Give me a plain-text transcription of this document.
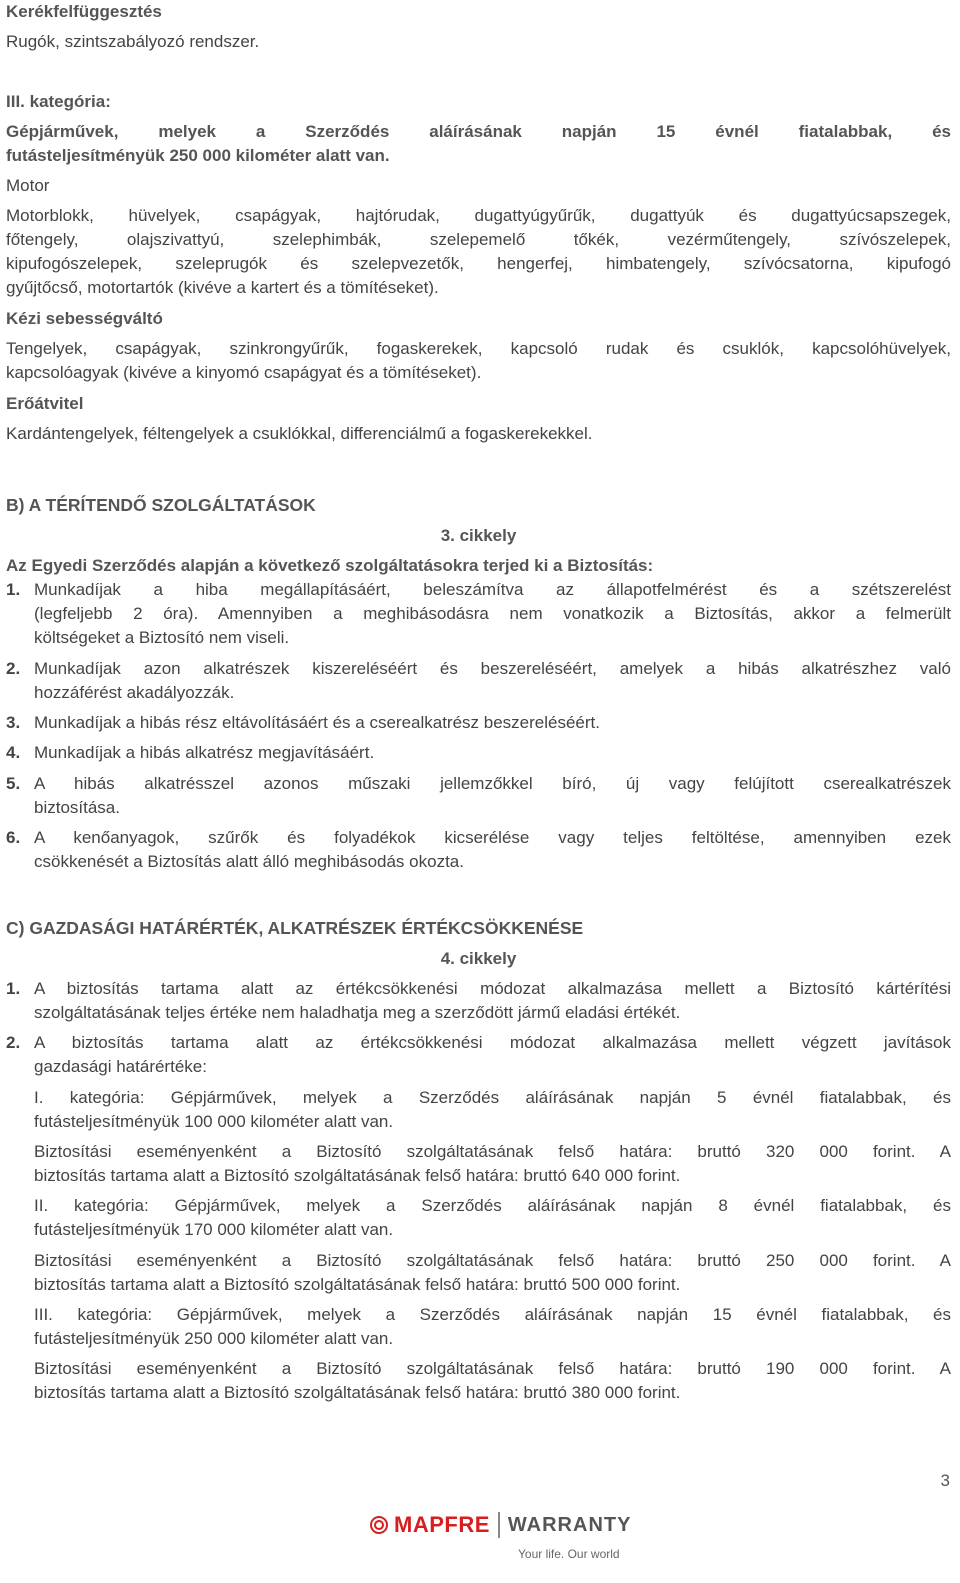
Kerékfelfüggesztés
Rugók, szintszabályozó rendszer.
III. kategória:
Gépjárművek, melyek a Szerződés aláírásának napján 15 évnél fiatalabbak, és
futásteljesítményük 250 000 kilométer alatt van.
Motor
Motorblokk, hüvelyek, csapágyak, hajtórudak, dugattyúgyűrűk, dugattyúk és dugattyúcsapszegek,
főtengely, olajszivattyú, szelephimbák, szelepemelő tőkék, vezérműtengely, szívószelepek,
kipufogószelepek, szeleprugók és szelepvezetők, hengerfej, himbatengely, szívócsatorna, kipufogó
gyűjtőcső, motortartók (kivéve a kartert és a tömítéseket).
Kézi sebességváltó
Tengelyek, csapágyak, szinkrongyűrűk, fogaskerekek, kapcsoló rudak és csuklók, kapcsolóhüvelyek,
kapcsolóagyak (kivéve a kinyomó csapágyat és a tömítéseket).
Erőátvitel
Kardántengelyek, féltengelyek a csuklókkal, differenciálmű a fogaskerekekkel.
B) A TÉRÍTENDŐ SZOLGÁLTATÁSOK
3. cikkely
Az Egyedi Szerződés alapján a következő szolgáltatásokra terjed ki a Biztosítás:
1. Munkadíjak a hiba megállapításáért, beleszámítva az állapotfelmérést és a szétszerelést
(legfeljebb 2 óra). Amennyiben a meghibásodásra nem vonatkozik a Biztosítás, akkor a felmerült
költségeket a Biztosító nem viseli.
2. Munkadíjak azon alkatrészek kiszereléséért és beszereléséért, amelyek a hibás alkatrészhez való
hozzáférést akadályozzák.
3. Munkadíjak a hibás rész eltávolításáért és a cserealkatrész beszereléséért.
4. Munkadíjak a hibás alkatrész megjavításáért.
5. A hibás alkatrésszel azonos műszaki jellemzőkkel bíró, új vagy felújított cserealkatrészek
biztosítása.
6. A kenőanyagok, szűrők és folyadékok kicserélése vagy teljes feltöltése, amennyiben ezek
csökkenését a Biztosítás alatt álló meghibásodás okozta.
C) GAZDASÁGI HATÁRÉRTÉK, ALKATRÉSZEK ÉRTÉKCSÖKKENÉSE
4. cikkely
1. A biztosítás tartama alatt az értékcsökkenési módozat alkalmazása mellett a Biztosító kártérítési
szolgáltatásának teljes értéke nem haladhatja meg a szerződött jármű eladási értékét.
2. A biztosítás tartama alatt az értékcsökkenési módozat alkalmazása mellett végzett javítások
gazdasági határértéke:
I. kategória: Gépjárművek, melyek a Szerződés aláírásának napján 5 évnél fiatalabbak, és
futásteljesítményük 100 000 kilométer alatt van.
Biztosítási eseményenként a Biztosító szolgáltatásának felső határa: bruttó 320 000 forint. A
biztosítás tartama alatt a Biztosító szolgáltatásának felső határa: bruttó 640 000 forint.
II. kategória: Gépjárművek, melyek a Szerződés aláírásának napján 8 évnél fiatalabbak, és
futásteljesítményük 170 000 kilométer alatt van.
Biztosítási eseményenként a Biztosító szolgáltatásának felső határa: bruttó 250 000 forint. A
biztosítás tartama alatt a Biztosító szolgáltatásának felső határa: bruttó 500 000 forint.
III. kategória: Gépjárművek, melyek a Szerződés aláírásának napján 15 évnél fiatalabbak, és
futásteljesítményük 250 000 kilométer alatt van.
Biztosítási eseményenként a Biztosító szolgáltatásának felső határa: bruttó 190 000 forint. A
biztosítás tartama alatt a Biztosító szolgáltatásának felső határa: bruttó 380 000 forint.
3
MAPFRE WARRANTY
Your life. Our world
